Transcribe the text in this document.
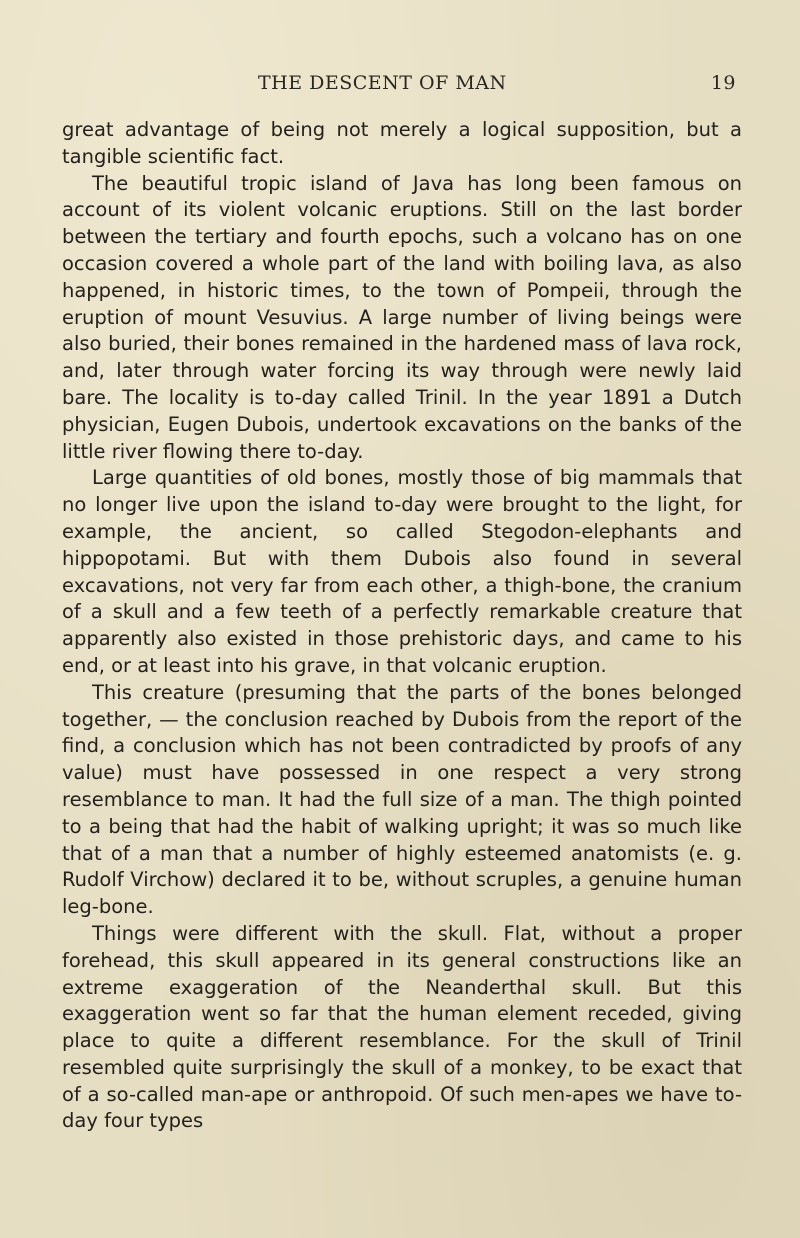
THE DESCENT OF MAN	19

great advantage of being not merely a logical supposition, but a tangible scientific fact.

The beautiful tropic island of Java has long been famous on account of its violent volcanic eruptions. Still on the last border between the tertiary and fourth epochs, such a volcano has on one occasion covered a whole part of the land with boiling lava, as also happened, in historic times, to the town of Pompeii, through the eruption of mount Vesuvius. A large number of living beings were also buried, their bones remained in the hardened mass of lava rock, and, later through water forcing its way through were newly laid bare. The locality is to-day called Trinil. In the year 1891 a Dutch physician, Eugen Dubois, undertook excavations on the banks of the little river flowing there to-day.

Large quantities of old bones, mostly those of big mammals that no longer live upon the island to-day were brought to the light, for example, the ancient, so called Stegodon-elephants and hippopotami. But with them Dubois also found in several excavations, not very far from each other, a thigh-bone, the cranium of a skull and a few teeth of a perfectly remarkable creature that apparently also existed in those prehistoric days, and came to his end, or at least into his grave, in that volcanic eruption.

This creature (presuming that the parts of the bones belonged together, — the conclusion reached by Dubois from the report of the find, a conclusion which has not been contradicted by proofs of any value) must have possessed in one respect a very strong resemblance to man. It had the full size of a man. The thigh pointed to a being that had the habit of walking upright; it was so much like that of a man that a number of highly esteemed anatomists (e. g. Rudolf Virchow) declared it to be, without scruples, a genuine human leg-bone.

Things were different with the skull. Flat, without a proper forehead, this skull appeared in its general constructions like an extreme exaggeration of the Neanderthal skull. But this exaggeration went so far that the human element receded, giving place to quite a different resemblance. For the skull of Trinil resembled quite surprisingly the skull of a monkey, to be exact that of a so-called man-ape or anthropoid. Of such men-apes we have to-day four types
